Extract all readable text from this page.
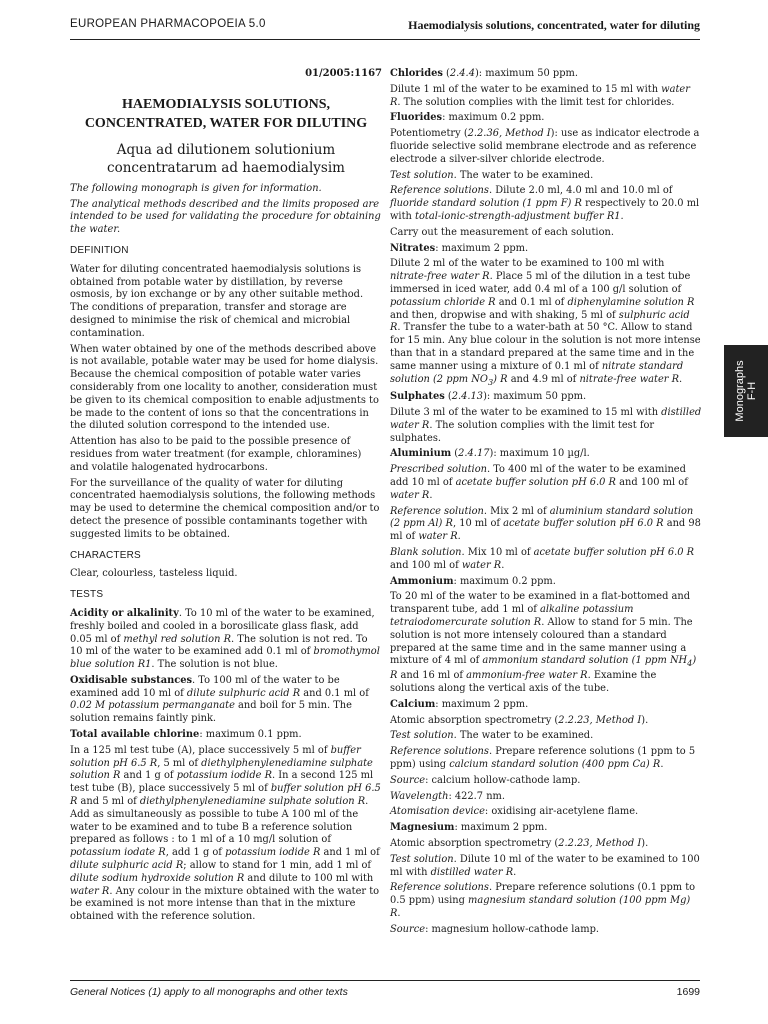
EUROPEAN PHARMACOPOEIA 5.0	Haemodialysis solutions, concentrated, water for diluting

01/2005:1167

HAEMODIALYSIS SOLUTIONS, CONCENTRATED, WATER FOR DILUTING

Aqua ad dilutionem solutionium concentratarum ad haemodialysim

The following monograph is given for information.

The analytical methods described and the limits proposed are intended to be used for validating the procedure for obtaining the water.

DEFINITION

Water for diluting concentrated haemodialysis solutions is obtained from potable water by distillation, by reverse osmosis, by ion exchange or by any other suitable method. The conditions of preparation, transfer and storage are designed to minimise the risk of chemical and microbial contamination.

When water obtained by one of the methods described above is not available, potable water may be used for home dialysis. Because the chemical composition of potable water varies considerably from one locality to another, consideration must be given to its chemical composition to enable adjustments to be made to the content of ions so that the concentrations in the diluted solution correspond to the intended use.

Attention has also to be paid to the possible presence of residues from water treatment (for example, chloramines) and volatile halogenated hydrocarbons.

For the surveillance of the quality of water for diluting concentrated haemodialysis solutions, the following methods may be used to determine the chemical composition and/or to detect the presence of possible contaminants together with suggested limits to be obtained.

CHARACTERS

Clear, colourless, tasteless liquid.

TESTS

Acidity or alkalinity. To 10 ml of the water to be examined, freshly boiled and cooled in a borosilicate glass flask, add 0.05 ml of methyl red solution R. The solution is not red. To 10 ml of the water to be examined add 0.1 ml of bromothymol blue solution R1. The solution is not blue.

Oxidisable substances. To 100 ml of the water to be examined add 10 ml of dilute sulphuric acid R and 0.1 ml of 0.02 M potassium permanganate and boil for 5 min. The solution remains faintly pink.

Total available chlorine: maximum 0.1 ppm.

In a 125 ml test tube (A), place successively 5 ml of buffer solution pH 6.5 R, 5 ml of diethylphenylenediamine sulphate solution R and 1 g of potassium iodide R. In a second 125 ml test tube (B), place successively 5 ml of buffer solution pH 6.5 R and 5 ml of diethylphenylenediamine sulphate solution R. Add as simultaneously as possible to tube A 100 ml of the water to be examined and to tube B a reference solution prepared as follows : to 1 ml of a 10 mg/l solution of potassium iodate R, add 1 g of potassium iodide R and 1 ml of dilute sulphuric acid R; allow to stand for 1 min, add 1 ml of dilute sodium hydroxide solution R and dilute to 100 ml with water R. Any colour in the mixture obtained with the water to be examined is not more intense than that in the mixture obtained with the reference solution.

Chlorides (2.4.4): maximum 50 ppm.

Dilute 1 ml of the water to be examined to 15 ml with water R. The solution complies with the limit test for chlorides.

Fluorides: maximum 0.2 ppm.

Potentiometry (2.2.36, Method I): use as indicator electrode a fluoride selective solid membrane electrode and as reference electrode a silver-silver chloride electrode.

Test solution. The water to be examined.

Reference solutions. Dilute 2.0 ml, 4.0 ml and 10.0 ml of fluoride standard solution (1 ppm F) R respectively to 20.0 ml with total-ionic-strength-adjustment buffer R1.

Carry out the measurement of each solution.

Nitrates: maximum 2 ppm.

Dilute 2 ml of the water to be examined to 100 ml with nitrate-free water R. Place 5 ml of the dilution in a test tube immersed in iced water, add 0.4 ml of a 100 g/l solution of potassium chloride R and 0.1 ml of diphenylamine solution R and then, dropwise and with shaking, 5 ml of sulphuric acid R. Transfer the tube to a water-bath at 50 °C. Allow to stand for 15 min. Any blue colour in the solution is not more intense than that in a standard prepared at the same time and in the same manner using a mixture of 0.1 ml of nitrate standard solution (2 ppm $NO_3$) R and 4.9 ml of nitrate-free water R.

Sulphates (2.4.13): maximum 50 ppm.

Dilute 3 ml of the water to be examined to 15 ml with distilled water R. The solution complies with the limit test for sulphates.

Aluminium (2.4.17): maximum 10 µg/l.

Prescribed solution. To 400 ml of the water to be examined add 10 ml of acetate buffer solution pH 6.0 R and 100 ml of water R.

Reference solution. Mix 2 ml of aluminium standard solution (2 ppm Al) R, 10 ml of acetate buffer solution pH 6.0 R and 98 ml of water R.

Blank solution. Mix 10 ml of acetate buffer solution pH 6.0 R and 100 ml of water R.

Ammonium: maximum 0.2 ppm.

To 20 ml of the water to be examined in a flat-bottomed and transparent tube, add 1 ml of alkaline potassium tetraiodomercurate solution R. Allow to stand for 5 min. The solution is not more intensely coloured than a standard prepared at the same time and in the same manner using a mixture of 4 ml of ammonium standard solution (1 ppm $NH_4$) R and 16 ml of ammonium-free water R. Examine the solutions along the vertical axis of the tube.

Calcium: maximum 2 ppm.

Atomic absorption spectrometry (2.2.23, Method I).

Test solution. The water to be examined.

Reference solutions. Prepare reference solutions (1 ppm to 5 ppm) using calcium standard solution (400 ppm Ca) R.

Source: calcium hollow-cathode lamp.

Wavelength: 422.7 nm.

Atomisation device: oxidising air-acetylene flame.

Magnesium: maximum 2 ppm.

Atomic absorption spectrometry (2.2.23, Method I).

Test solution. Dilute 10 ml of the water to be examined to 100 ml with distilled water R.

Reference solutions. Prepare reference solutions (0.1 ppm to 0.5 ppm) using magnesium standard solution (100 ppm Mg) R.

Source: magnesium hollow-cathode lamp.

Monographs F-H
General Notices (1) apply to all monographs and other texts	1699
